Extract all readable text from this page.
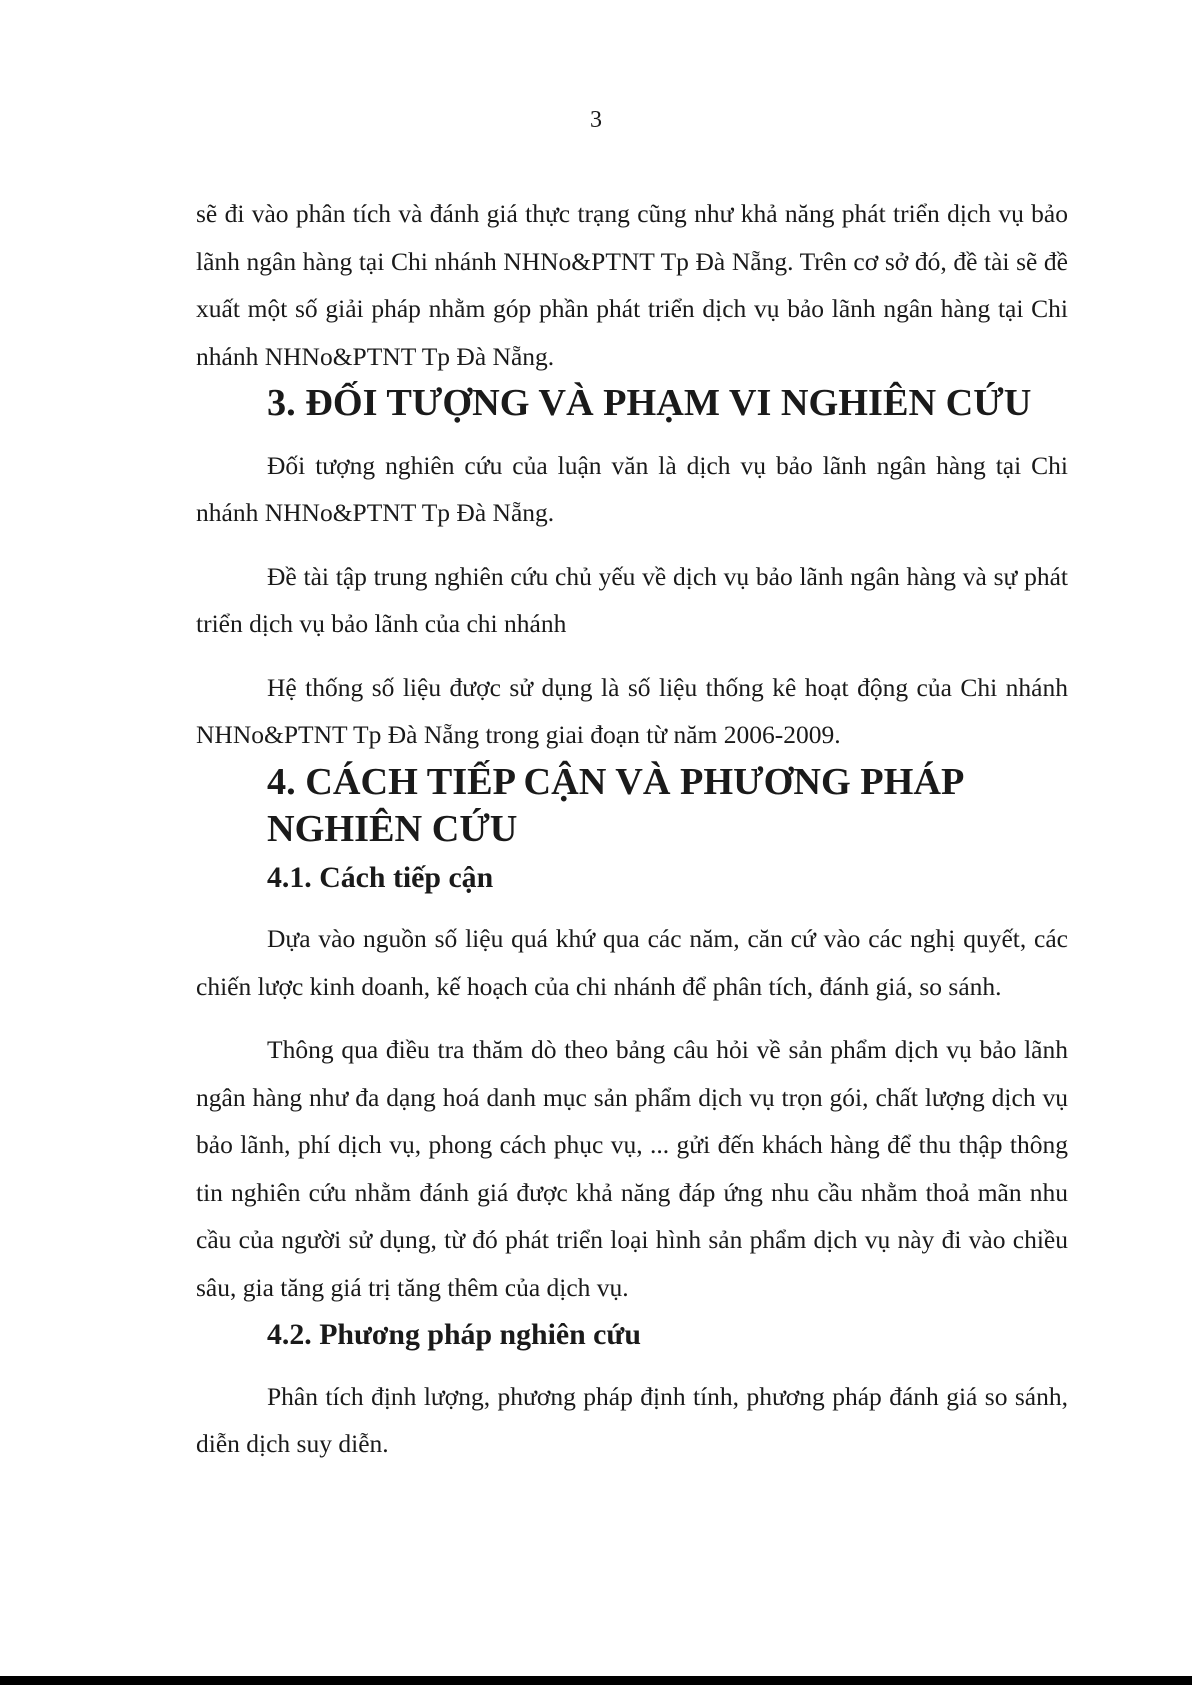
3

sẽ đi vào phân tích và đánh giá thực trạng cũng như khả năng phát triển dịch vụ bảo lãnh ngân hàng tại Chi nhánh NHNo&PTNT Tp Đà Nẵng. Trên cơ sở đó, đề tài sẽ đề xuất một số giải pháp nhằm góp phần phát triển dịch vụ bảo lãnh ngân hàng tại Chi nhánh NHNo&PTNT Tp Đà Nẵng.

3. ĐỐI TƯỢNG VÀ PHẠM VI NGHIÊN CỨU

Đối tượng nghiên cứu của luận văn là dịch vụ bảo lãnh ngân hàng tại Chi nhánh NHNo&PTNT Tp Đà Nẵng.

Đề tài tập trung nghiên cứu chủ yếu về dịch vụ bảo lãnh ngân hàng và sự phát triển dịch vụ bảo lãnh của chi nhánh

Hệ thống số liệu được sử dụng là số liệu thống kê hoạt động của Chi nhánh NHNo&PTNT Tp Đà Nẵng trong giai đoạn từ năm 2006-2009.

4. CÁCH TIẾP CẬN VÀ PHƯƠNG PHÁP NGHIÊN CỨU
4.1. Cách tiếp cận

Dựa vào nguồn số liệu quá khứ qua các năm, căn cứ vào các nghị quyết, các chiến lược kinh doanh, kế hoạch của chi nhánh để phân tích, đánh giá, so sánh.

Thông qua điều tra thăm dò theo bảng câu hỏi về sản phẩm dịch vụ bảo lãnh ngân hàng như đa dạng hoá danh mục sản phẩm dịch vụ trọn gói, chất lượng dịch vụ bảo lãnh, phí dịch vụ, phong cách phục vụ, ... gửi đến khách hàng để thu thập thông tin nghiên cứu nhằm đánh giá được khả năng đáp ứng nhu cầu nhằm thoả mãn nhu cầu của người sử dụng, từ đó phát triển loại hình sản phẩm dịch vụ này đi vào chiều sâu, gia tăng giá trị tăng thêm của dịch vụ.

4.2. Phương pháp nghiên cứu

Phân tích định lượng, phương pháp định tính, phương pháp đánh giá so sánh, diễn dịch suy diễn.
